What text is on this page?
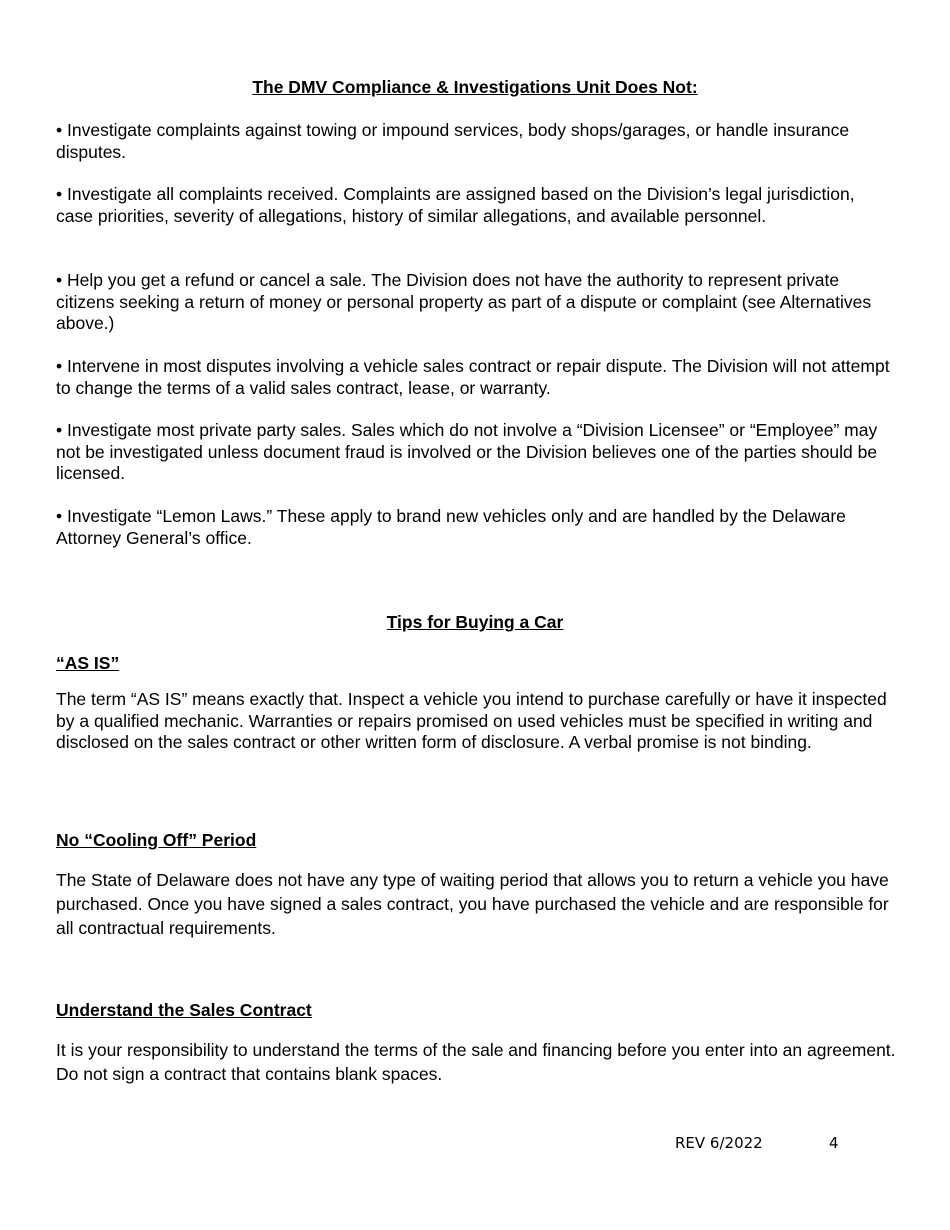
The DMV Compliance & Investigations Unit Does Not:

• Investigate complaints against towing or impound services, body shops/garages, or handle insurance disputes.

• Investigate all complaints received. Complaints are assigned based on the Division’s legal jurisdiction, case priorities, severity of allegations, history of similar allegations, and available personnel.

• Help you get a refund or cancel a sale. The Division does not have the authority to represent private citizens seeking a return of money or personal property as part of a dispute or complaint (see Alternatives above.)

• Intervene in most disputes involving a vehicle sales contract or repair dispute. The Division will not attempt to change the terms of a valid sales contract, lease, or warranty.

• Investigate most private party sales. Sales which do not involve a “Division Licensee” or “Employee” may not be investigated unless document fraud is involved or the Division believes one of the parties should be licensed.

• Investigate “Lemon Laws.” These apply to brand new vehicles only and are handled by the Delaware Attorney General’s office.

Tips for Buying a Car
“AS IS”

The term “AS IS” means exactly that. Inspect a vehicle you intend to purchase carefully or have it inspected by a qualified mechanic. Warranties or repairs promised on used vehicles must be specified in writing and disclosed on the sales contract or other written form of disclosure. A verbal promise is not binding.

No “Cooling Off” Period

The State of Delaware does not have any type of waiting period that allows you to return a vehicle you have purchased. Once you have signed a sales contract, you have purchased the vehicle and are responsible for all contractual requirements.

Understand the Sales Contract

It is your responsibility to understand the terms of the sale and financing before you enter into an agreement. Do not sign a contract that contains blank spaces.

REV 6/2022	4
